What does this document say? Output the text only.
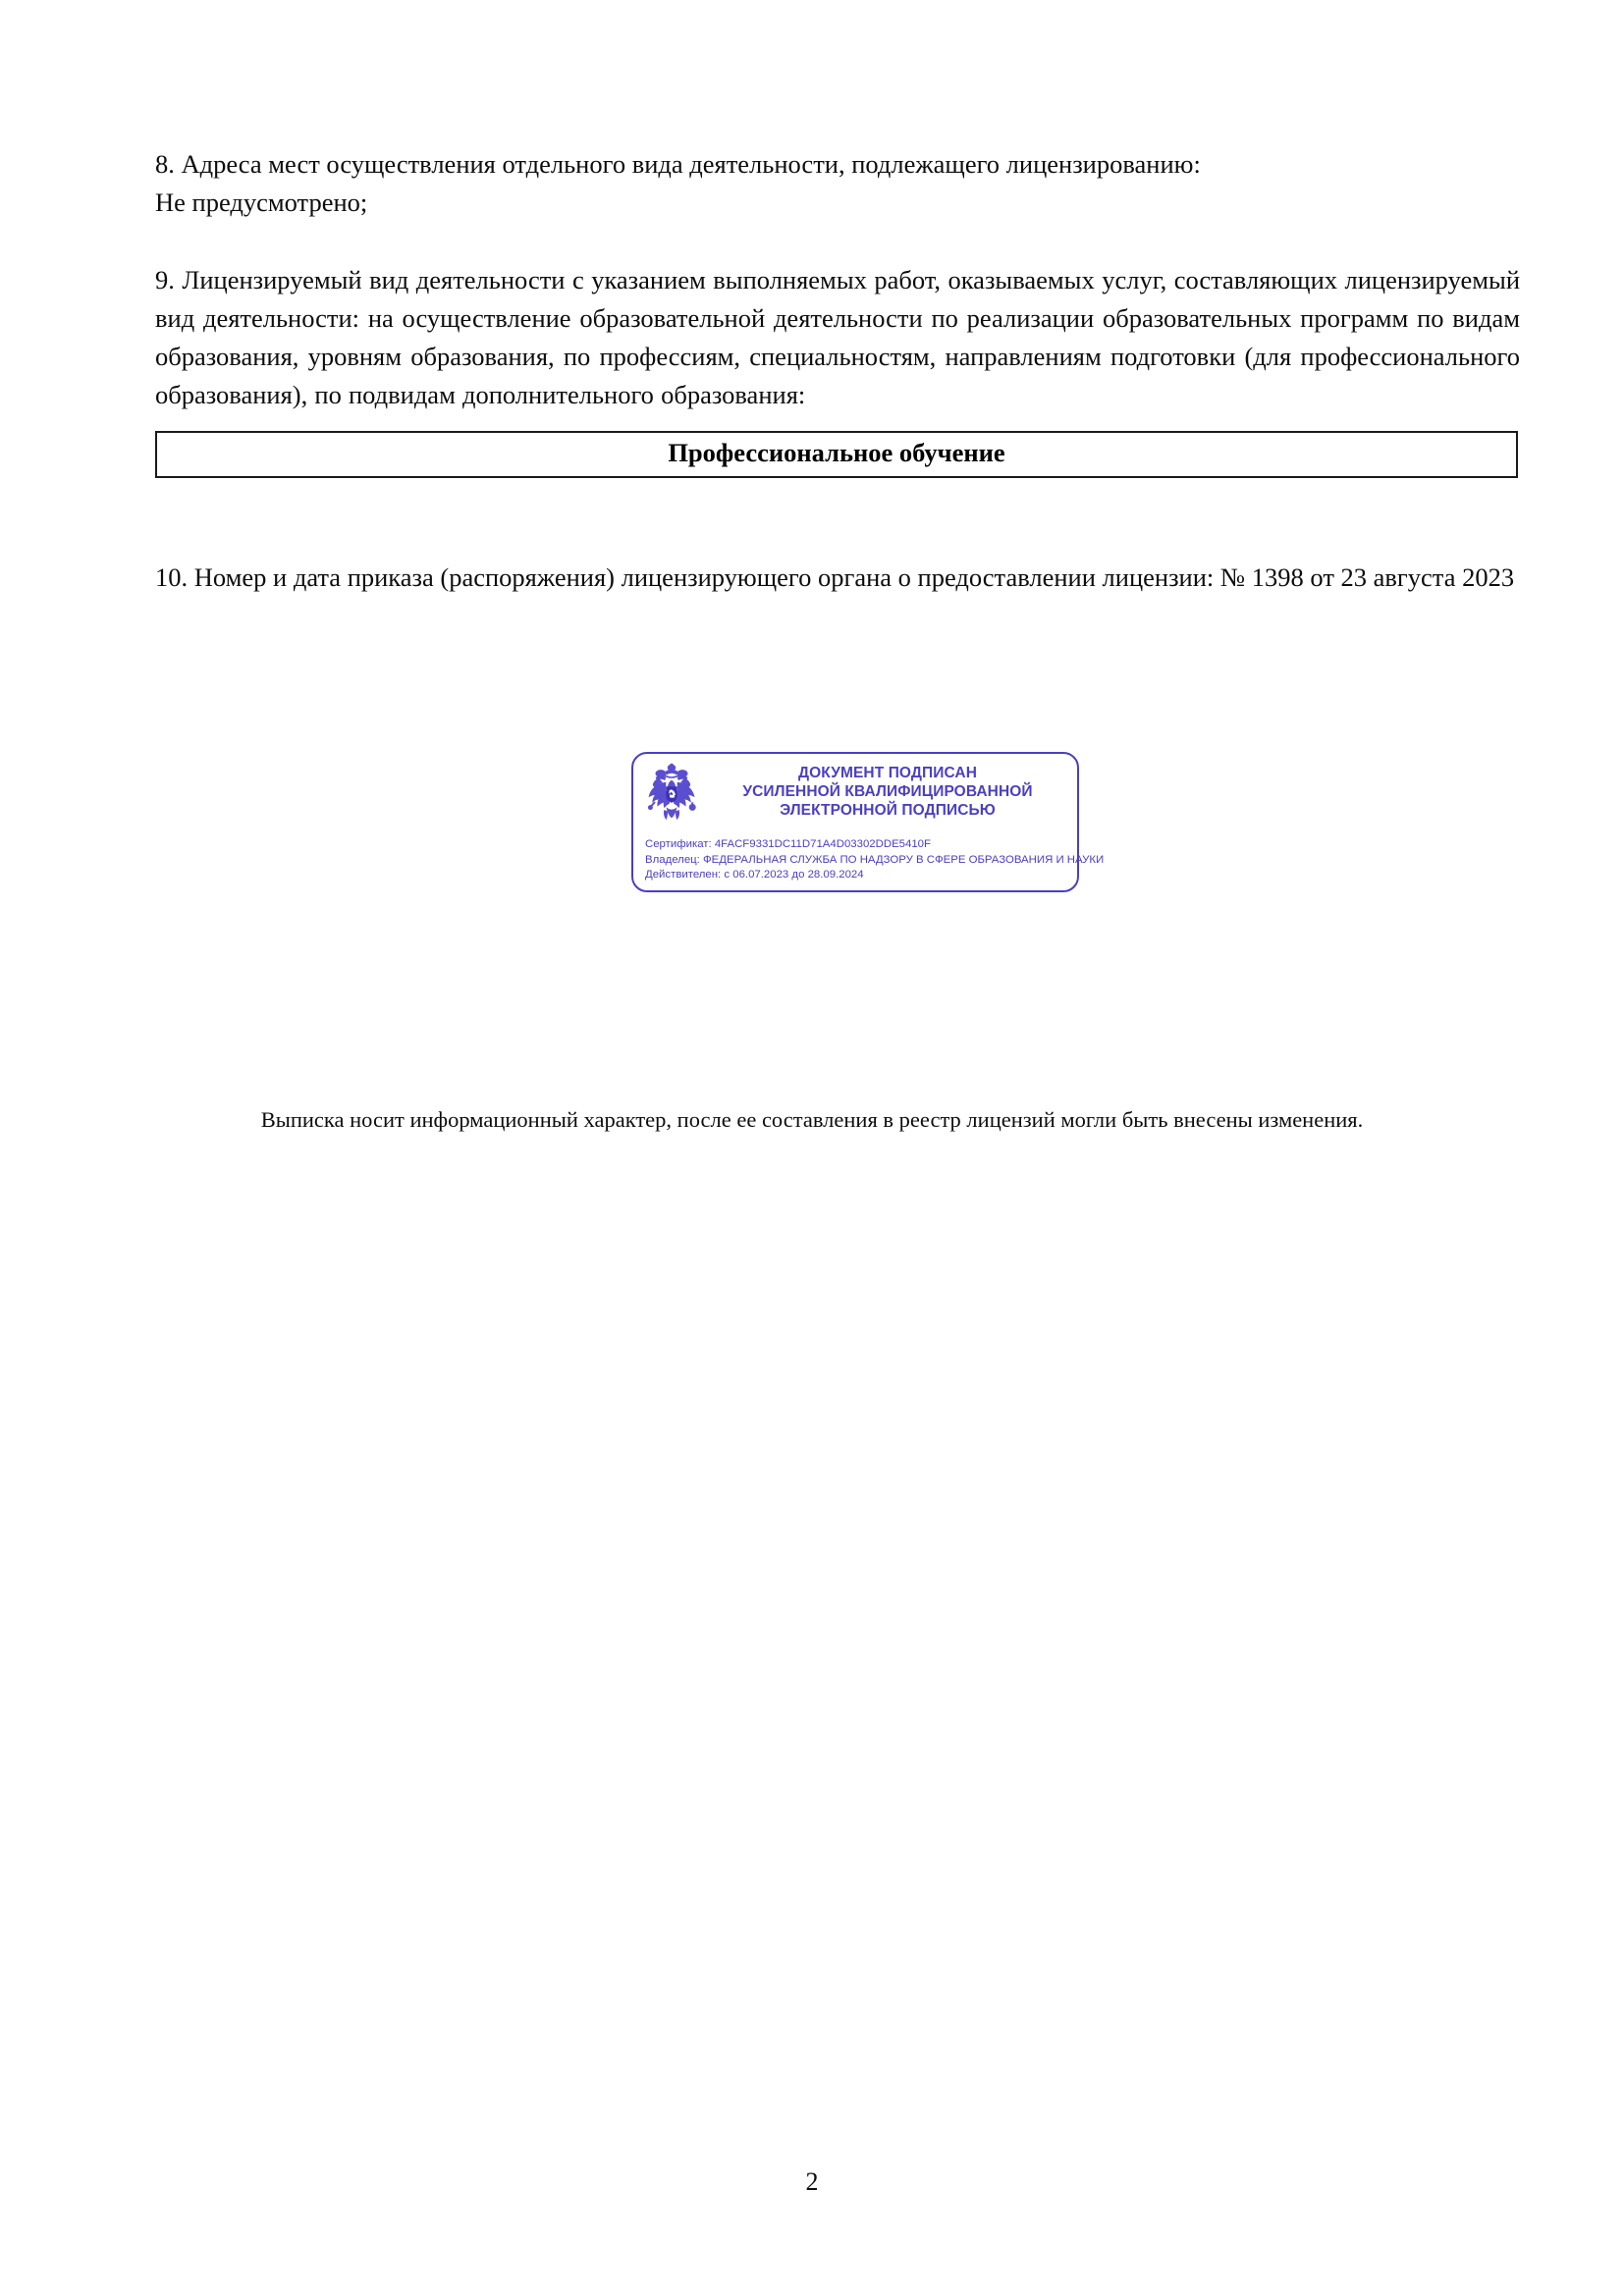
8. Адреса мест осуществления отдельного вида деятельности, подлежащего лицензированию:

Не предусмотрено;

9. Лицензируемый вид деятельности с указанием выполняемых работ, оказываемых услуг, составляющих лицензируемый вид деятельности: на осуществление образовательной деятельности по реализации образовательных программ по видам образования, уровням образования, по профессиям, специальностям, направлениям подготовки (для профессионального образования), по подвидам дополнительного образования:

Профессиональное обучение

10. Номер и дата приказа (распоряжения) лицензирующего органа о предоставлении лицензии: № 1398 от 23 августа 2023

ДОКУМЕНТ ПОДПИСАН
УСИЛЕННОЙ КВАЛИФИЦИРОВАННОЙ
ЭЛЕКТРОННОЙ ПОДПИСЬЮ
Сертификат: 4FACF9331DC11D71A4D03302DDE5410F
Владелец: ФЕДЕРАЛЬНАЯ СЛУЖБА ПО НАДЗОРУ В СФЕРЕ ОБРАЗОВАНИЯ И НАУКИ
Действителен: с 06.07.2023 до 28.09.2024
Выписка носит информационный характер, после ее составления в реестр лицензий могли быть внесены изменения.
2
